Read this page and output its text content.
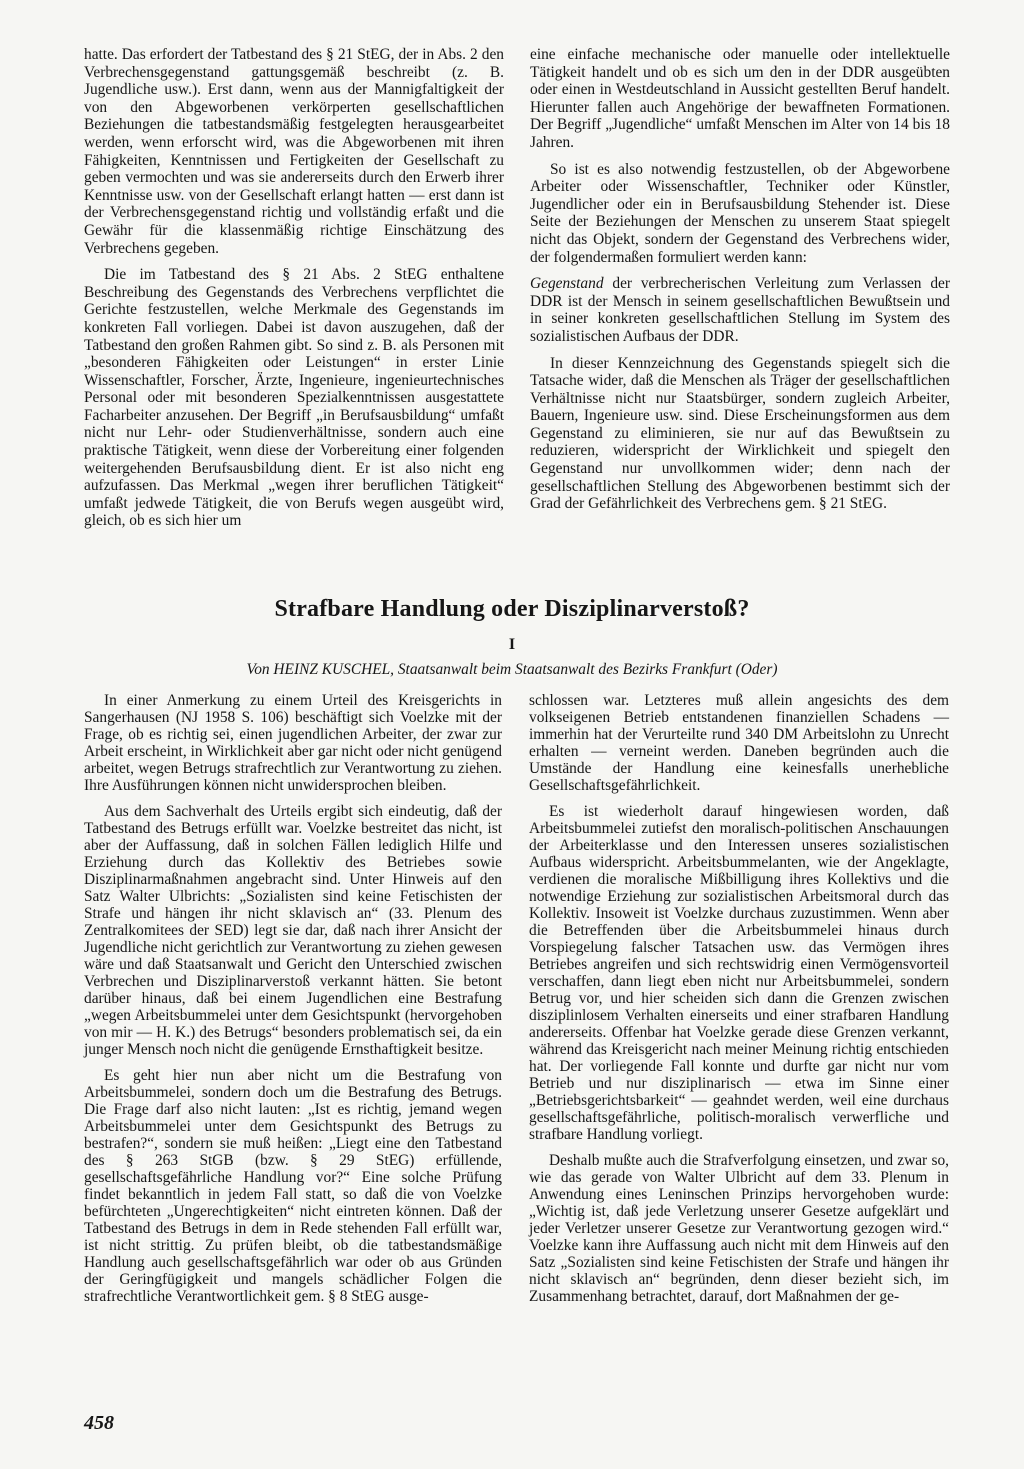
hatte. Das erfordert der Tatbestand des § 21 StEG, der in Abs. 2 den Verbrechensgegenstand gattungsgemäß beschreibt (z. B. Jugendliche usw.). Erst dann, wenn aus der Mannigfaltigkeit der von den Abgeworbenen verkörperten gesellschaftlichen Beziehungen die tatbestandsmäßig festgelegten herausgearbeitet werden, wenn erforscht wird, was die Abgeworbenen mit ihren Fähigkeiten, Kenntnissen und Fertigkeiten der Gesellschaft zu geben vermochten und was sie andererseits durch den Erwerb ihrer Kenntnisse usw. von der Gesellschaft erlangt hatten — erst dann ist der Verbrechensgegenstand richtig und vollständig erfaßt und die Gewähr für die klassenmäßig richtige Einschätzung des Verbrechens gegeben.

Die im Tatbestand des § 21 Abs. 2 StEG enthaltene Beschreibung des Gegenstands des Verbrechens verpflichtet die Gerichte festzustellen, welche Merkmale des Gegenstands im konkreten Fall vorliegen. Dabei ist davon auszugehen, daß der Tatbestand den großen Rahmen gibt. So sind z. B. als Personen mit „besonderen Fähigkeiten oder Leistungen“ in erster Linie Wissenschaftler, Forscher, Ärzte, Ingenieure, ingenieurtechnisches Personal oder mit besonderen Spezialkenntnissen ausgestattete Facharbeiter anzusehen. Der Begriff „in Berufsausbildung“ umfaßt nicht nur Lehr- oder Studienverhältnisse, sondern auch eine praktische Tätigkeit, wenn diese der Vorbereitung einer folgenden weitergehenden Berufsausbildung dient. Er ist also nicht eng aufzufassen. Das Merkmal „wegen ihrer beruflichen Tätigkeit“ umfaßt jedwede Tätigkeit, die von Berufs wegen ausgeübt wird, gleich, ob es sich hier um

eine einfache mechanische oder manuelle oder intellektuelle Tätigkeit handelt und ob es sich um den in der DDR ausgeübten oder einen in Westdeutschland in Aussicht gestellten Beruf handelt. Hierunter fallen auch Angehörige der bewaffneten Formationen. Der Begriff „Jugendliche“ umfaßt Menschen im Alter von 14 bis 18 Jahren.

So ist es also notwendig festzustellen, ob der Abgeworbene Arbeiter oder Wissenschaftler, Techniker oder Künstler, Jugendlicher oder ein in Berufsausbildung Stehender ist. Diese Seite der Beziehungen der Menschen zu unserem Staat spiegelt nicht das Objekt, sondern der Gegenstand des Verbrechens wider, der folgendermaßen formuliert werden kann:

Gegenstand der verbrecherischen Verleitung zum Verlassen der DDR ist der Mensch in seinem gesellschaftlichen Bewußtsein und in seiner konkreten gesellschaftlichen Stellung im System des sozialistischen Aufbaus der DDR.

In dieser Kennzeichnung des Gegenstands spiegelt sich die Tatsache wider, daß die Menschen als Träger der gesellschaftlichen Verhältnisse nicht nur Staatsbürger, sondern zugleich Arbeiter, Bauern, Ingenieure usw. sind. Diese Erscheinungsformen aus dem Gegenstand zu eliminieren, sie nur auf das Bewußtsein zu reduzieren, widerspricht der Wirklichkeit und spiegelt den Gegenstand nur unvollkommen wider; denn nach der gesellschaftlichen Stellung des Abgeworbenen bestimmt sich der Grad der Gefährlichkeit des Verbrechens gem. § 21 StEG.

Strafbare Handlung oder Disziplinarverstoß?
I
Von HEINZ KUSCHEL, Staatsanwalt beim Staatsanwalt des Bezirks Frankfurt (Oder)

In einer Anmerkung zu einem Urteil des Kreisgerichts in Sangerhausen (NJ 1958 S. 106) beschäftigt sich Voelzke mit der Frage, ob es richtig sei, einen jugendlichen Arbeiter, der zwar zur Arbeit erscheint, in Wirklichkeit aber gar nicht oder nicht genügend arbeitet, wegen Betrugs strafrechtlich zur Verantwortung zu ziehen. Ihre Ausführungen können nicht unwidersprochen bleiben.

Aus dem Sachverhalt des Urteils ergibt sich eindeutig, daß der Tatbestand des Betrugs erfüllt war. Voelzke bestreitet das nicht, ist aber der Auffassung, daß in solchen Fällen lediglich Hilfe und Erziehung durch das Kollektiv des Betriebes sowie Disziplinarmaßnahmen angebracht sind. Unter Hinweis auf den Satz Walter Ulbrichts: „Sozialisten sind keine Fetischisten der Strafe und hängen ihr nicht sklavisch an“ (33. Plenum des Zentralkomitees der SED) legt sie dar, daß nach ihrer Ansicht der Jugendliche nicht gerichtlich zur Verantwortung zu ziehen gewesen wäre und daß Staatsanwalt und Gericht den Unterschied zwischen Verbrechen und Disziplinarverstoß verkannt hätten. Sie betont darüber hinaus, daß bei einem Jugendlichen eine Bestrafung „wegen Arbeitsbummelei unter dem Gesichtspunkt (hervorgehoben von mir — H. K.) des Betrugs“ besonders problematisch sei, da ein junger Mensch noch nicht die genügende Ernsthaftigkeit besitze.

Es geht hier nun aber nicht um die Bestrafung von Arbeitsbummelei, sondern doch um die Bestrafung des Betrugs. Die Frage darf also nicht lauten: „Ist es richtig, jemand wegen Arbeitsbummelei unter dem Gesichtspunkt des Betrugs zu bestrafen?“, sondern sie muß heißen: „Liegt eine den Tatbestand des § 263 StGB (bzw. § 29 StEG) erfüllende, gesellschaftsgefährliche Handlung vor?“ Eine solche Prüfung findet bekanntlich in jedem Fall statt, so daß die von Voelzke befürchteten „Ungerechtigkeiten“ nicht eintreten können. Daß der Tatbestand des Betrugs in dem in Rede stehenden Fall erfüllt war, ist nicht strittig. Zu prüfen bleibt, ob die tatbestandsmäßige Handlung auch gesellschaftsgefährlich war oder ob aus Gründen der Geringfügigkeit und mangels schädlicher Folgen die strafrechtliche Verantwortlichkeit gem. § 8 StEG ausge-

schlossen war. Letzteres muß allein angesichts des dem volkseigenen Betrieb entstandenen finanziellen Schadens — immerhin hat der Verurteilte rund 340 DM Arbeitslohn zu Unrecht erhalten — verneint werden. Daneben begründen auch die Umstände der Handlung eine keinesfalls unerhebliche Gesellschaftsgefährlichkeit.

Es ist wiederholt darauf hingewiesen worden, daß Arbeitsbummelei zutiefst den moralisch-politischen Anschauungen der Arbeiterklasse und den Interessen unseres sozialistischen Aufbaus widerspricht. Arbeitsbummelanten, wie der Angeklagte, verdienen die moralische Mißbilligung ihres Kollektivs und die notwendige Erziehung zur sozialistischen Arbeitsmoral durch das Kollektiv. Insoweit ist Voelzke durchaus zuzustimmen. Wenn aber die Betreffenden über die Arbeitsbummelei hinaus durch Vorspiegelung falscher Tatsachen usw. das Vermögen ihres Betriebes angreifen und sich rechtswidrig einen Vermögensvorteil verschaffen, dann liegt eben nicht nur Arbeitsbummelei, sondern Betrug vor, und hier scheiden sich dann die Grenzen zwischen disziplinlosem Verhalten einerseits und einer strafbaren Handlung andererseits. Offenbar hat Voelzke gerade diese Grenzen verkannt, während das Kreisgericht nach meiner Meinung richtig entschieden hat. Der vorliegende Fall konnte und durfte gar nicht nur vom Betrieb und nur disziplinarisch — etwa im Sinne einer „Betriebsgerichtsbarkeit“ — geahndet werden, weil eine durchaus gesellschaftsgefährliche, politisch-moralisch verwerfliche und strafbare Handlung vorliegt.

Deshalb mußte auch die Strafverfolgung einsetzen, und zwar so, wie das gerade von Walter Ulbricht auf dem 33. Plenum in Anwendung eines Leninschen Prinzips hervorgehoben wurde: „Wichtig ist, daß jede Verletzung unserer Gesetze aufgeklärt und jeder Verletzer unserer Gesetze zur Verantwortung gezogen wird.“ Voelzke kann ihre Auffassung auch nicht mit dem Hinweis auf den Satz „Sozialisten sind keine Fetischisten der Strafe und hängen ihr nicht sklavisch an“ begründen, denn dieser bezieht sich, im Zusammenhang betrachtet, darauf, dort Maßnahmen der ge-

458
